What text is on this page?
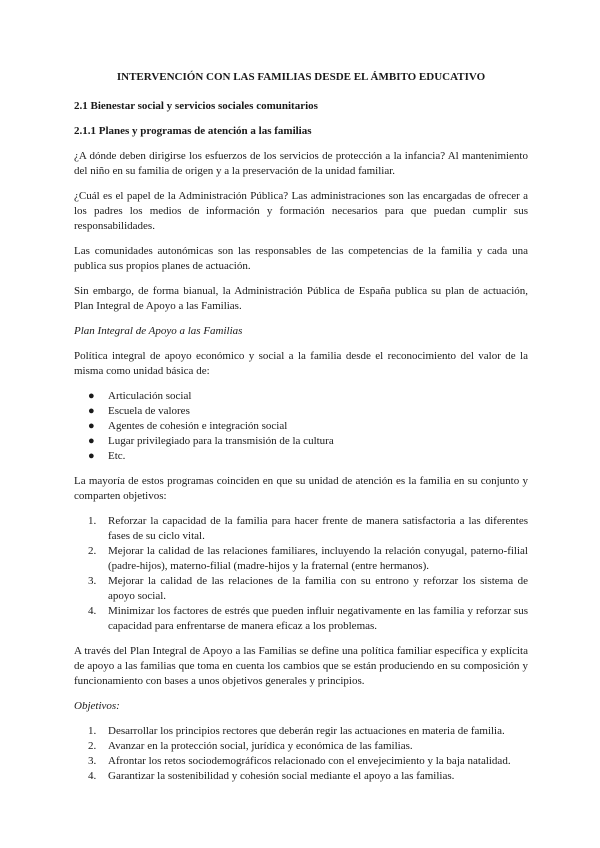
INTERVENCIÓN CON LAS FAMILIAS DESDE EL ÁMBITO EDUCATIVO
2.1 Bienestar social y servicios sociales comunitarios
2.1.1 Planes y programas de atención a las familias

¿A dónde deben dirigirse los esfuerzos de los servicios de protección a la infancia? Al mantenimiento del niño en su familia de origen y a la preservación de la unidad familiar.

¿Cuál es el papel de la Administración Pública? Las administraciones son las encargadas de ofrecer a los padres los medios de información y formación necesarios para que puedan cumplir sus responsabilidades.

Las comunidades autonómicas son las responsables de las competencias de la familia y cada una publica sus propios planes de actuación.

Sin embargo, de forma bianual, la Administración Pública de España publica su plan de actuación, Plan Integral de Apoyo a las Familias.

Plan Integral de Apoyo a las Familias

Política integral de apoyo económico y social a la familia desde el reconocimiento del valor de la misma como unidad básica de:

● Articulación social
● Escuela de valores
● Agentes de cohesión e integración social
● Lugar privilegiado para la transmisión de la cultura
● Etc.

La mayoría de estos programas coinciden en que su unidad de atención es la familia en su conjunto y comparten objetivos:

1. Reforzar la capacidad de la familia para hacer frente de manera satisfactoria a las diferentes fases de su ciclo vital.
2. Mejorar la calidad de las relaciones familiares, incluyendo la relación conyugal, paterno-filial (padre-hijos), materno-filial (madre-hijos y la fraternal (entre hermanos).
3. Mejorar la calidad de las relaciones de la familia con su entrono y reforzar los sistema de apoyo social.
4. Minimizar los factores de estrés que pueden influir negativamente en las familia y reforzar sus capacidad para enfrentarse de manera eficaz a los problemas.

A través del Plan Integral de Apoyo a las Familias se define una política familiar específica y explícita de apoyo a las familias que toma en cuenta los cambios que se están produciendo en su composición y funcionamiento con bases a unos objetivos generales y principios.

Objetivos:
1. Desarrollar los principios rectores que deberán regir las actuaciones en materia de familia.
2. Avanzar en la protección social, jurídica y económica de las familias.
3. Afrontar los retos sociodemográficos relacionado con el envejecimiento y la baja natalidad.
4. Garantizar la sostenibilidad y cohesión social mediante el apoyo a las familias.
